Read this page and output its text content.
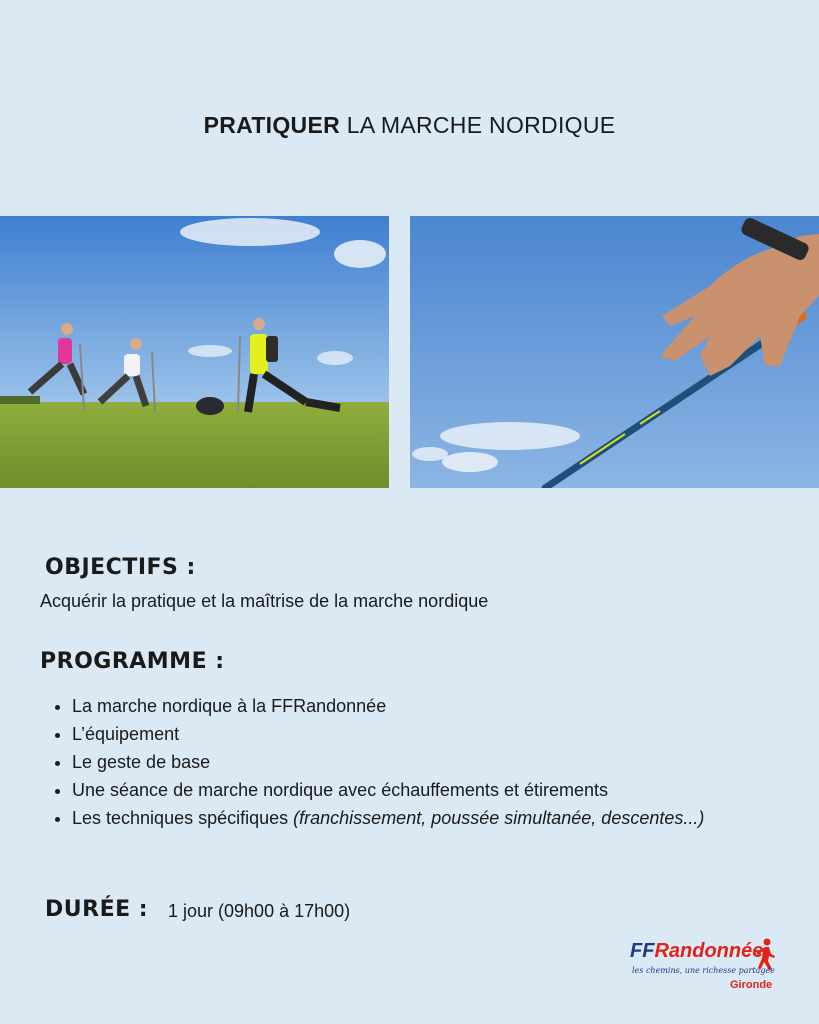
PRATIQUER LA MARCHE NORDIQUE
OBJECTIFS :
Acquérir la pratique et la maîtrise de la marche nordique
PROGRAMME :
• La marche nordique à la FFRandonnée
• L’équipement
• Le geste de base
• Une séance de marche nordique avec échauffements et étirements
• Les techniques spécifiques (franchissement, poussée simultanée, descentes...)
DURÉE : 1 jour (09h00 à 17h00)
FFRandonnée
les chemins, une richesse partagée
Gironde
